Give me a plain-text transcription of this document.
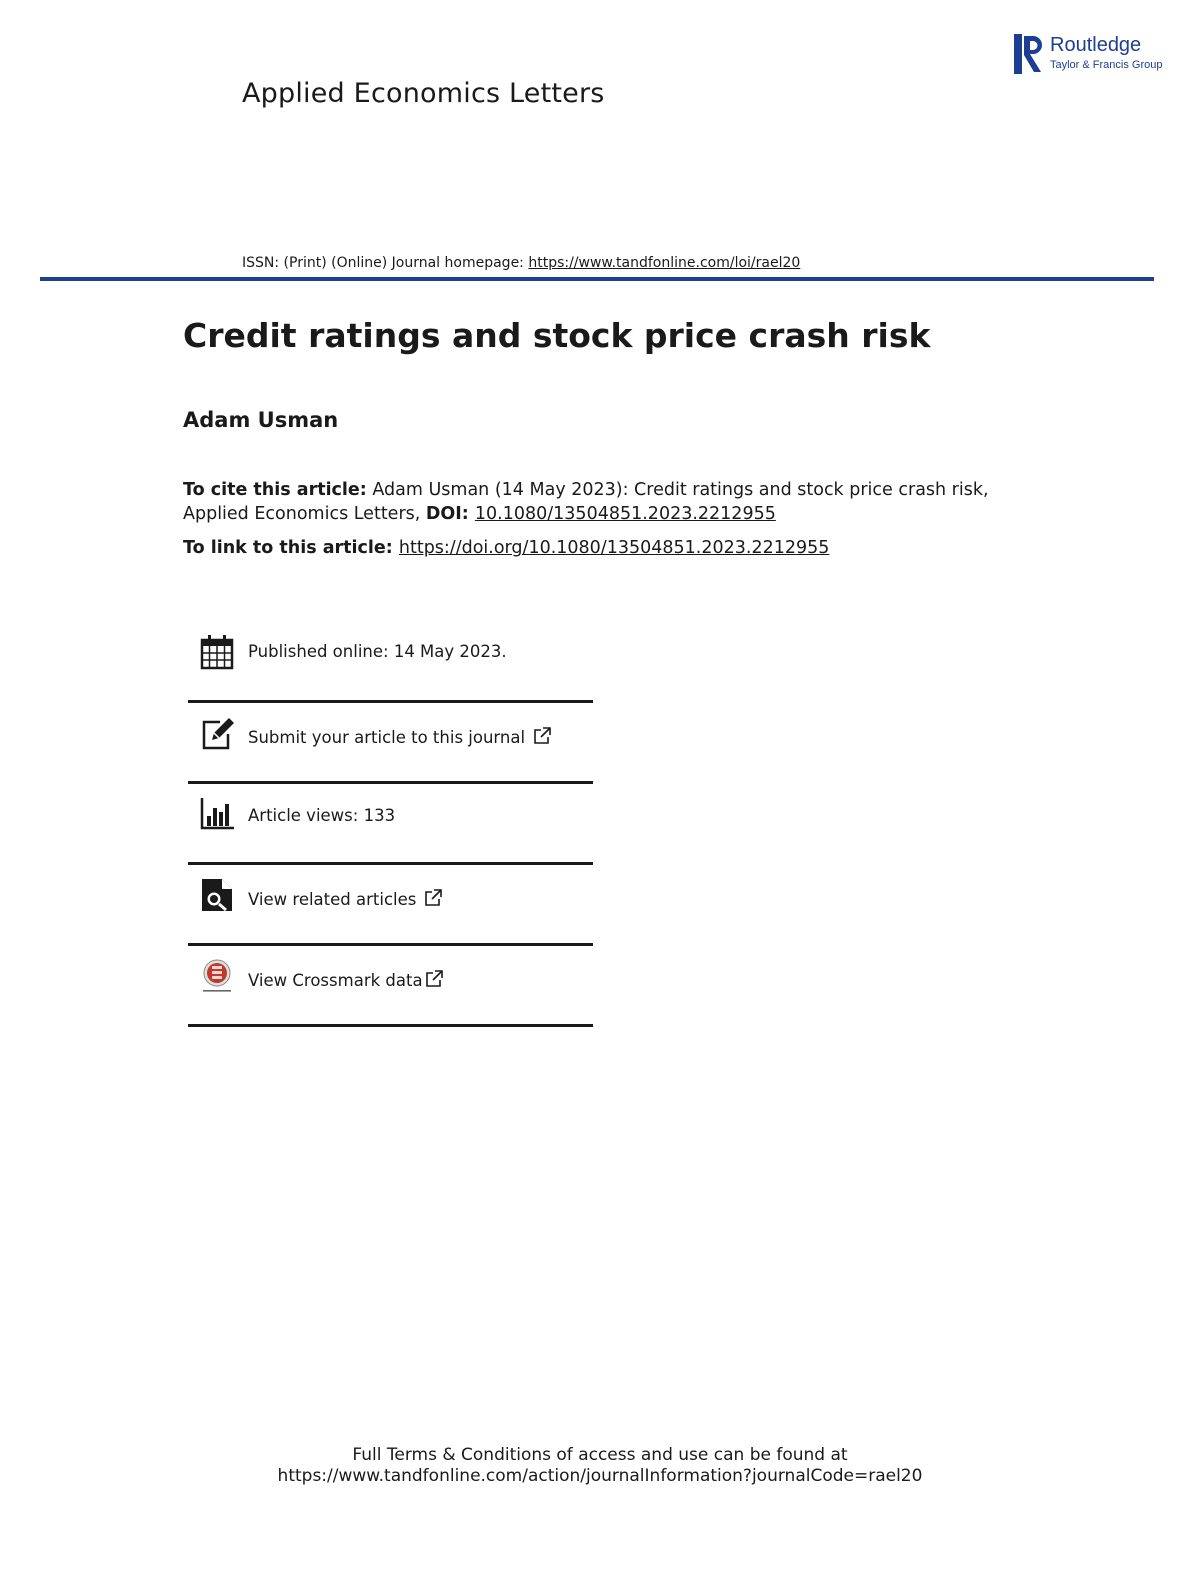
Applied Economics Letters
Routledge
Taylor & Francis Group
ISSN: (Print) (Online) Journal homepage: https://www.tandfonline.com/loi/rael20
Credit ratings and stock price crash risk
Adam Usman
To cite this article: Adam Usman (14 May 2023): Credit ratings and stock price crash risk, Applied Economics Letters, DOI: 10.1080/13504851.2023.2212955
To link to this article: https://doi.org/10.1080/13504851.2023.2212955
Published online: 14 May 2023.
Submit your article to this journal
Article views: 133
View related articles
View Crossmark data
Full Terms & Conditions of access and use can be found at
https://www.tandfonline.com/action/journalInformation?journalCode=rael20
